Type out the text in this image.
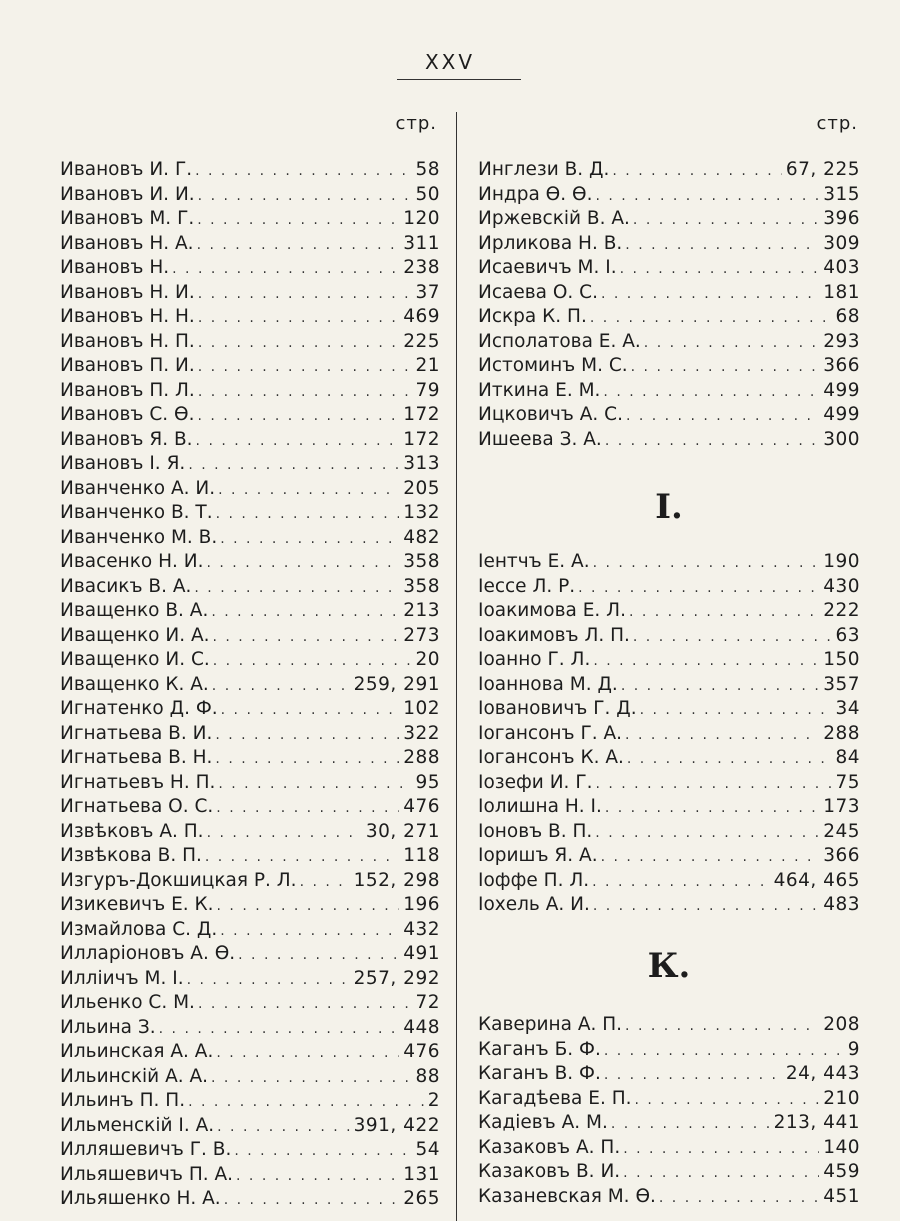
XXV
стр.
Ивановъ И. Г. . . .	58
Ивановъ И. И. . . .	50
Ивановъ М. Г. . . .	120
Ивановъ Н. А. . . .	311
Ивановъ Н. . . .	238
Ивановъ Н. И. . . .	37
Ивановъ Н. Н. . . .	469
Ивановъ Н. П. . . .	225
Ивановъ П. И. . . .	21
Ивановъ П. Л. . . .	79
Ивановъ С. Ѳ. . . .	172
Ивановъ Я. В. . . .	172
Ивановъ І. Я. . . .	313
Иванченко А. И. . . .	205
Иванченко В. Т. . . .	132
Иванченко М. В. . . .	482
Ивасенко Н. И. . . .	358
Ивасикъ В. А. . . .	358
Иващенко В. А. . . .	213
Иващенко И. А. . . .	273
Иващенко И. С. . . .	20
Иващенко К. А. . . .	259, 291
Игнатенко Д. Ф. . . .	102
Игнатьева В. И. . . .	322
Игнатьева В. Н. . . .	288
Игнатьевъ Н. П. . . .	95
Игнатьева О. С. . . .	476
Извѣковъ А. П. . . .	30, 271
Извѣкова В. П. . . .	118
Изгуръ-Докшицкая Р. Л. . . .	152, 298
Изикевичъ Е. К. . . .	196
Измайлова С. Д. . . .	432
Илларіоновъ А. Ѳ. . . .	491
Илліичъ М. І. . . .	257, 292
Ильенко С. М. . . .	72
Ильина З. . . .	448
Ильинская А. А. . . .	476
Ильинскій А. А. . . .	88
Ильинъ П. П. . . .	2
Ильменскій І. А. . . .	391, 422
Илляшевичъ Г. В. . . .	54
Ильяшевичъ П. А. . . .	131
Ильяшенко Н. А. . . .	265
стр.
Инглези В. Д. . . .	67, 225
Индра Ѳ. Ѳ. . . .	315
Иржевскій В. А. . . .	396
Ирликова Н. В. . . .	309
Исаевичъ М. І. . . .	403
Исаева О. С. . . .	181
Искра К. П. . . .	68
Исполатова Е. А. . . .	293
Истоминъ М. С. . . .	366
Иткина Е. М. . . .	499
Ицковичъ А. С. . . .	499
Ишеева З. А. . . .	300
І.
Іентчъ Е. А. . . .	190
Іессе Л. Р. . . .	430
Іоакимова Е. Л. . . .	222
Іоакимовъ Л. П. . . .	63
Іоанно Г. Л. . . .	150
Іоаннова М. Д. . . .	357
Іовановичъ Г. Д. . . .	34
Іогансонъ Г. А. . . .	288
Іогансонъ К. А. . . .	84
Іозефи И. Г. . . .	75
Іолишна Н. І. . . .	173
Іоновъ В. П. . . .	245
Іоришъ Я. А. . . .	366
Іоффе П. Л. . . .	464, 465
Іохель А. И. . . .	483
К.
Каверина А. П. . . .	208
Каганъ Б. Ф. . . .	9
Каганъ В. Ф. . . .	24, 443
Кагадѣева Е. П. . . .	210
Кадіевъ А. М. . . .	213, 441
Казаковъ А. П. . . .	140
Казаковъ В. И. . . .	459
Казаневская М. Ѳ. . . .	451
